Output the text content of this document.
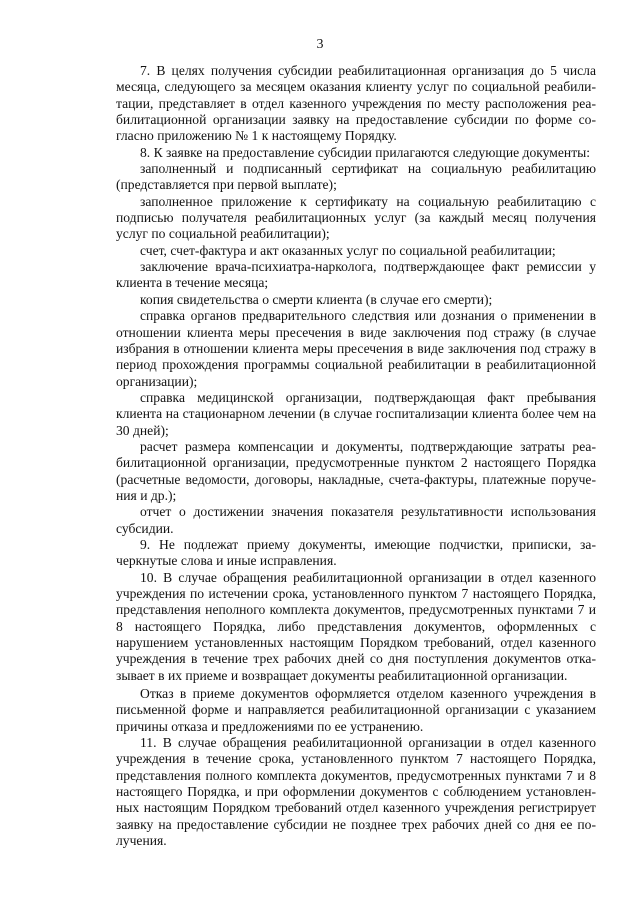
3

7. В целях получения субсидии реабилитационная организация до 5 числа месяца, следующего за месяцем оказания клиенту услуг по социальной реабилитации, представляет в отдел казенного учреждения по месту расположения реабилитационной организации заявку на предоставление субсидии по форме согласно приложению № 1 к настоящему Порядку.

8. К заявке на предоставление субсидии прилагаются следующие документы:

заполненный и подписанный сертификат на социальную реабилитацию (представляется при первой выплате);

заполненное приложение к сертификату на социальную реабилитацию с подписью получателя реабилитационных услуг (за каждый месяц получения услуг по социальной реабилитации);

счет, счет-фактура и акт оказанных услуг по социальной реабилитации;

заключение врача-психиатра-нарколога, подтверждающее факт ремиссии у клиента в течение месяца;

копия свидетельства о смерти клиента (в случае его смерти);

справка органов предварительного следствия или дознания о применении в отношении клиента меры пресечения в виде заключения под стражу (в случае избрания в отношении клиента меры пресечения в виде заключения под стражу в период прохождения программы социальной реабилитации в реабилитационной организации);

справка медицинской организации, подтверждающая факт пребывания клиента на стационарном лечении (в случае госпитализации клиента более чем на 30 дней);

расчет размера компенсации и документы, подтверждающие затраты реабилитационной организации, предусмотренные пунктом 2 настоящего Порядка (расчетные ведомости, договоры, накладные, счета-фактуры, платежные поручения и др.);

отчет о достижении значения показателя результативности использования субсидии.

9. Не подлежат приему документы, имеющие подчистки, приписки, зачеркнутые слова и иные исправления.

10. В случае обращения реабилитационной организации в отдел казенного учреждения по истечении срока, установленного пунктом 7 настоящего Порядка, представления неполного комплекта документов, предусмотренных пунктами 7 и 8 настоящего Порядка, либо представления документов, оформленных с нарушением установленных настоящим Порядком требований, отдел казенного учреждения в течение трех рабочих дней со дня поступления документов отказывает в их приеме и возвращает документы реабилитационной организации.

Отказ в приеме документов оформляется отделом казенного учреждения в письменной форме и направляется реабилитационной организации с указанием причины отказа и предложениями по ее устранению.

11. В случае обращения реабилитационной организации в отдел казенного учреждения в течение срока, установленного пунктом 7 настоящего Порядка, представления полного комплекта документов, предусмотренных пунктами 7 и 8 настоящего Порядка, и при оформлении документов с соблюдением установленных настоящим Порядком требований отдел казенного учреждения регистрирует заявку на предоставление субсидии не позднее трех рабочих дней со дня ее получения.
